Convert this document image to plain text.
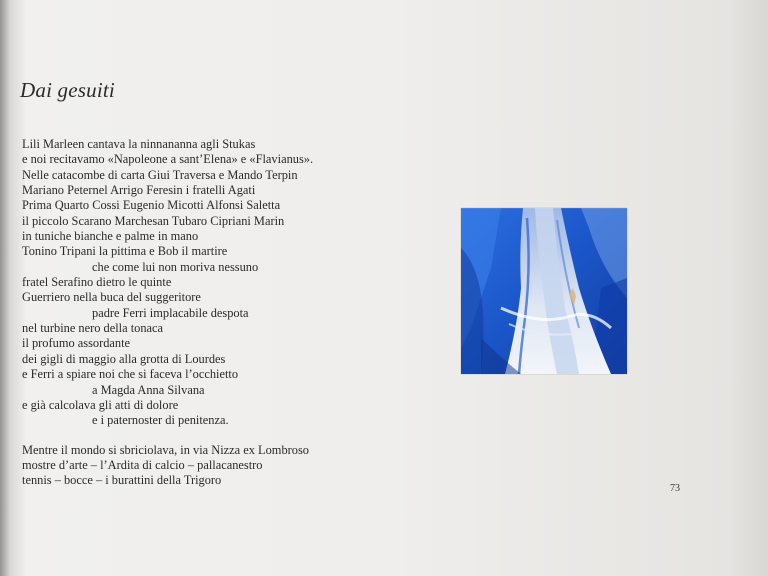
Dai gesuiti
Lili Marleen cantava la ninnananna agli Stukas
e noi recitavamo «Napoleone a sant’Elena» e «Flavianus».
Nelle catacombe di carta Giui Traversa e Mando Terpin
Mariano Peternel Arrigo Feresin i fratelli Agati
Prima Quarto Cossi Eugenio Micotti Alfonsi Saletta
il piccolo Scarano Marchesan Tubaro Cipriani Marin
in tuniche bianche e palme in mano
Tonino Tripani la pittima e Bob il martire
che come lui non moriva nessuno
fratel Serafino dietro le quinte
Guerriero nella buca del suggeritore
padre Ferri implacabile despota
nel turbine nero della tonaca
il profumo assordante
dei gigli di maggio alla grotta di Lourdes
e Ferri a spiare noi che si faceva l’occhietto
a Magda Anna Silvana
e già calcolava gli atti di dolore
e i paternoster di penitenza.
Mentre il mondo si sbriciolava, in via Nizza ex Lombroso
mostre d’arte – l’Ardita di calcio – pallacanestro
tennis – bocce – i burattini della Trigoro
73
